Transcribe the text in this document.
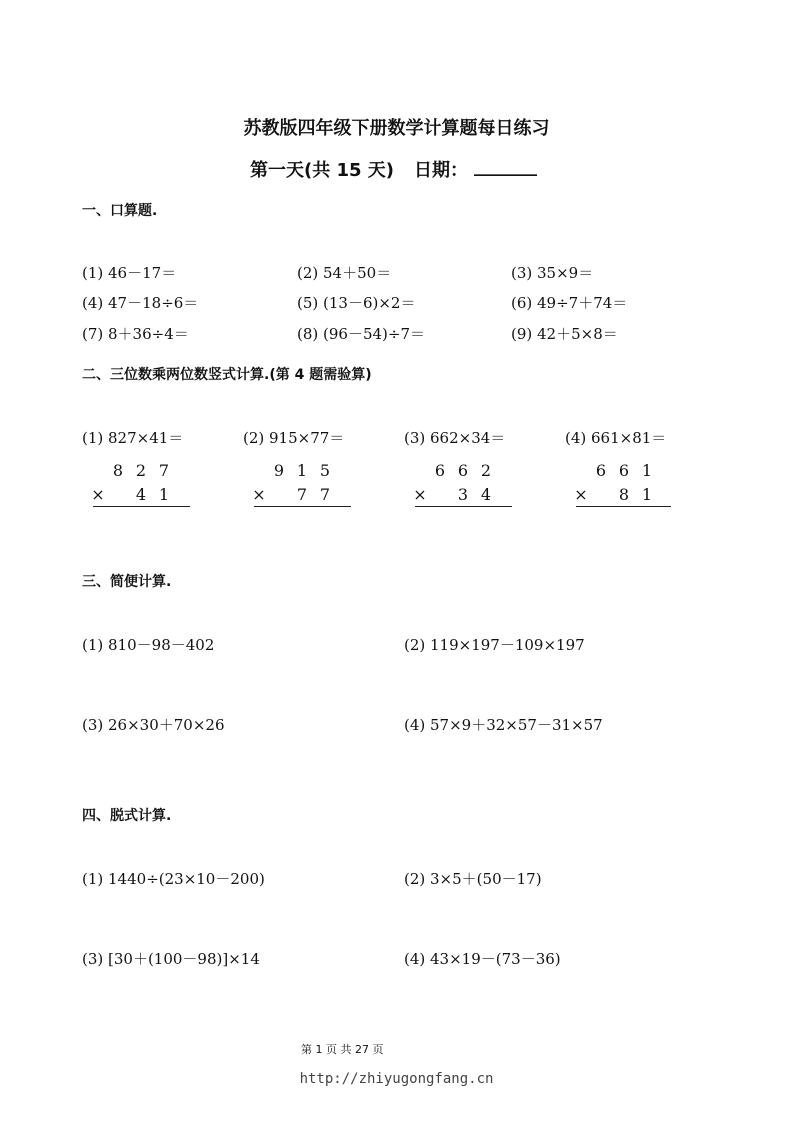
苏教版四年级下册数学计算题每日练习
第一天(共 15 天) 日期： _______
一、口算题.
(1) 46－17＝	(2) 54＋50＝	(3) 35×9＝
(4) 47－18÷6＝	(5) (13－6)×2＝	(6) 49÷7＋74＝
(7) 8＋36÷4＝	(8) (96－54)÷7＝	(9) 42＋5×8＝
二、三位数乘两位数竖式计算.(第 4 题需验算)
(1) 827×41＝
8 2 7
×	4 1
(2) 915×77＝
9 1 5
×	7 7
(3) 662×34＝
6 6 2
×	3 4
(4) 661×81＝
6 6 1
×	8 1
三、简便计算.
(1) 810－98－402	(2) 119×197－109×197
(3) 26×30＋70×26	(4) 57×9＋32×57－31×57
四、脱式计算.
(1) 1440÷(23×10－200)	(2) 3×5＋(50－17)
(3) [30＋(100－98)]×14	(4) 43×19－(73－36)
第 1 页 共 27 页
http://zhiyugongfang.cn
